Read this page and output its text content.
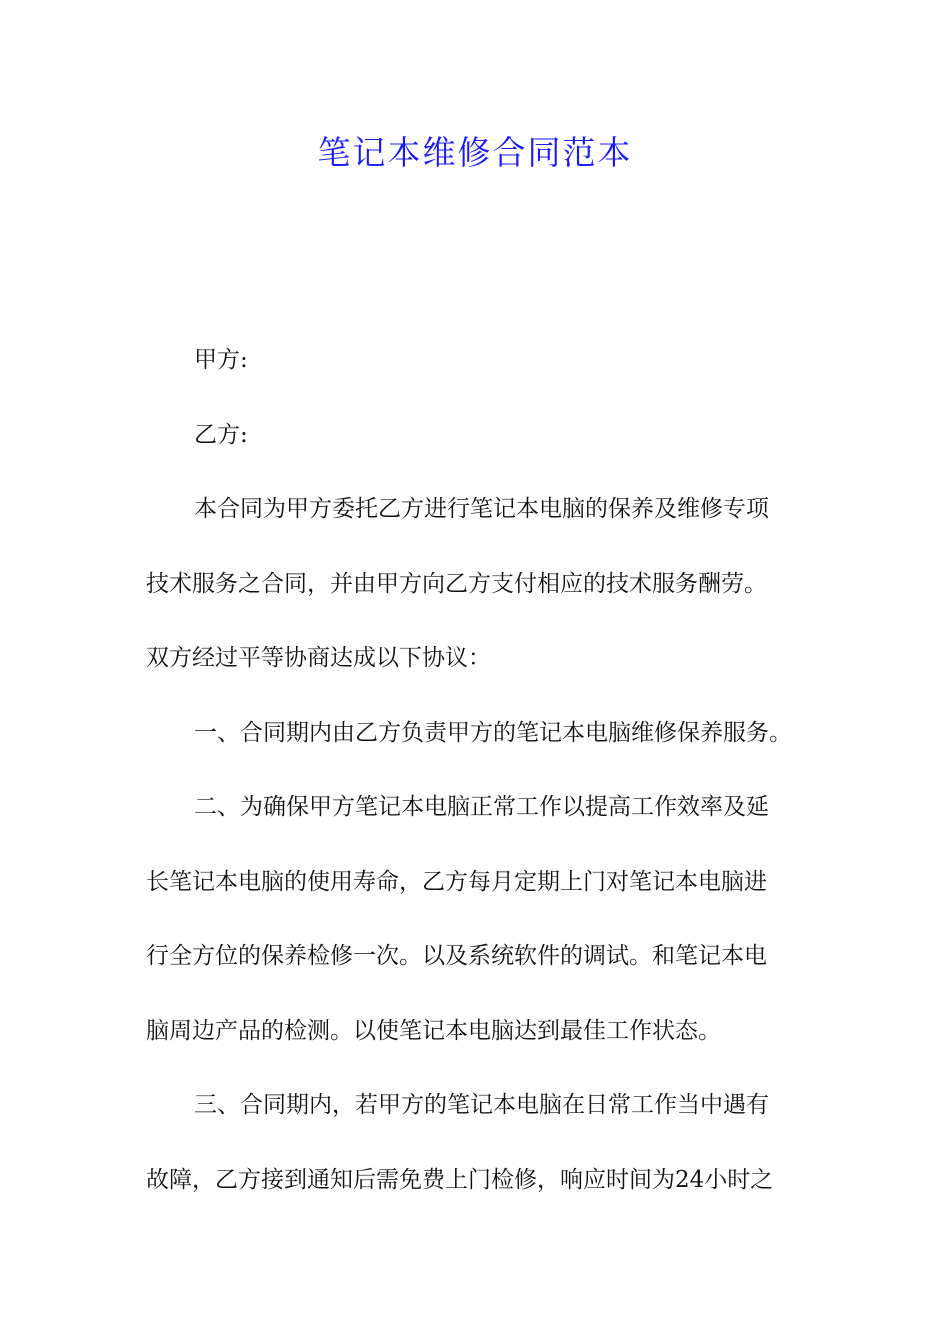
笔记本维修合同范本
甲方:
乙方:
本合同为甲方委托乙方进行笔记本电脑的保养及维修专项
技术服务之合同，并由甲方向乙方支付相应的技术服务酬劳。
双方经过平等协商达成以下协议：
一、合同期内由乙方负责甲方的笔记本电脑维修保养服务。
二、为确保甲方笔记本电脑正常工作以提高工作效率及延
长笔记本电脑的使用寿命，乙方每月定期上门对笔记本电脑进
行全方位的保养检修一次。以及系统软件的调试。和笔记本电
脑周边产品的检测。以使笔记本电脑达到最佳工作状态。
三、合同期内，若甲方的笔记本电脑在日常工作当中遇有
故障，乙方接到通知后需免费上门检修，响应时间为24小时之
